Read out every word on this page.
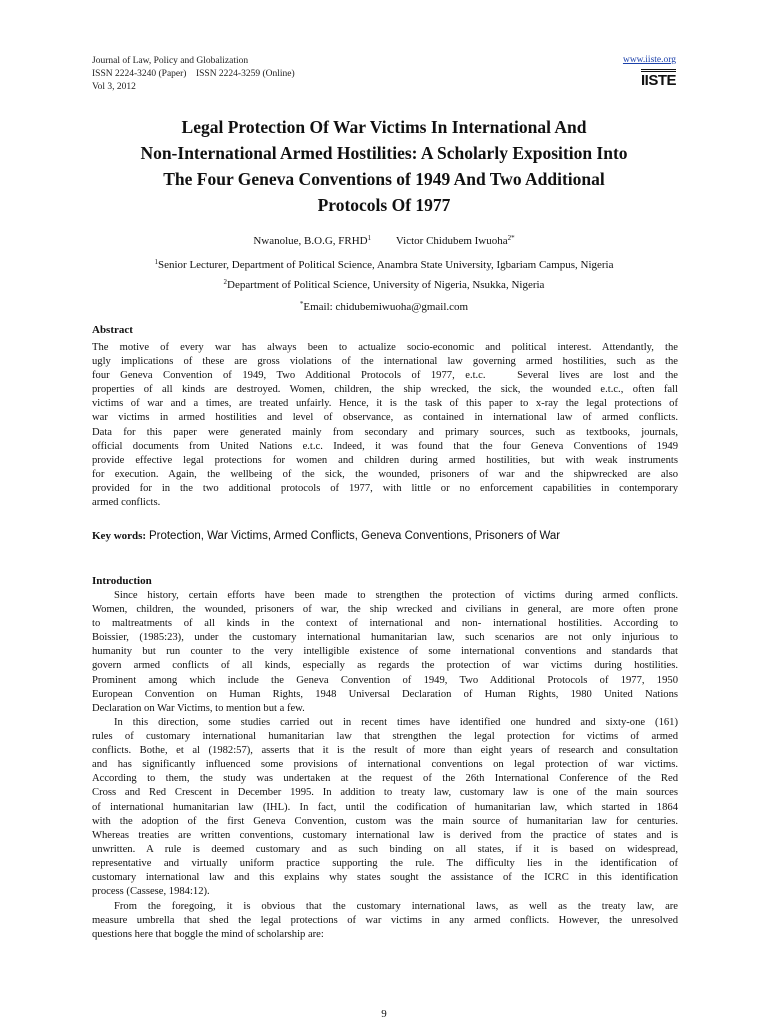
Journal of Law, Policy and Globalization
ISSN 2224-3240 (Paper)    ISSN 2224-3259 (Online)
Vol 3, 2012
www.iiste.org
IISTE
Legal Protection Of War Victims In International And
Non-International Armed Hostilities: A Scholarly Exposition Into
The Four Geneva Conventions of 1949 And Two Additional
Protocols Of 1977
Nwanolue, B.O.G, FRHD$^1$ Victor Chidubem Iwuoha$^{2*}$
$^1$Senior Lecturer, Department of Political Science, Anambra State University, Igbariam Campus, Nigeria
$^2$Department of Political Science, University of Nigeria, Nsukka, Nigeria
*Email: chidubemiwuoha@gmail.com
Abstract
The motive of every war has always been to actualize socio-economic and political interest. Attendantly, the
ugly implications of these are gross violations of the international law governing armed hostilities, such as the
four Geneva Convention of 1949, Two Additional Protocols of 1977, e.t.c.   Several lives are lost and the
properties of all kinds are destroyed. Women, children, the ship wrecked, the sick, the wounded e.t.c., often fall
victims of war and a times, are treated unfairly. Hence, it is the task of this paper to x-ray the legal protections of
war victims in armed hostilities and level of observance, as contained in international law of armed conflicts.
Data for this paper were generated mainly from secondary and primary sources, such as textbooks, journals,
official documents from United Nations e.t.c. Indeed, it was found that the four Geneva Conventions of 1949
provide effective legal protections for women and children during armed hostilities, but with weak instruments
for execution. Again, the wellbeing of the sick, the wounded, prisoners of war and the shipwrecked are also
provided for in the two additional protocols of 1977, with little or no enforcement capabilities in contemporary
armed conflicts.
Key words: Protection, War Victims, Armed Conflicts, Geneva Conventions, Prisoners of War
Introduction
Since history, certain efforts have been made to strengthen the protection of victims during armed conflicts.
Women, children, the wounded, prisoners of war, the ship wrecked and civilians in general, are more often prone
to maltreatments of all kinds in the context of international and non- international hostilities. According to
Boissier, (1985:23), under the customary international humanitarian law, such scenarios are not only injurious to
humanity but run counter to the very intelligible existence of some international conventions and standards that
govern armed conflicts of all kinds, especially as regards the protection of war victims during hostilities.
Prominent among which include the Geneva Convention of 1949, Two Additional Protocols of 1977, 1950
European Convention on Human Rights, 1948 Universal Declaration of Human Rights, 1980 United Nations
Declaration on War Victims, to mention but a few.
In this direction, some studies carried out in recent times have identified one hundred and sixty-one (161)
rules of customary international humanitarian law that strengthen the legal protection for victims of armed
conflicts. Bothe, et al (1982:57), asserts that it is the result of more than eight years of research and consultation
and has significantly influenced some provisions of international conventions on legal protection of war victims.
According to them, the study was undertaken at the request of the 26th International Conference of the Red
Cross and Red Crescent in December 1995. In addition to treaty law, customary law is one of the main sources
of international humanitarian law (IHL). In fact, until the codification of humanitarian law, which started in 1864
with the adoption of the first Geneva Convention, custom was the main source of humanitarian law for centuries.
Whereas treaties are written conventions, customary international law is derived from the practice of states and is
unwritten. A rule is deemed customary and as such binding on all states, if it is based on widespread,
representative and virtually uniform practice supporting the rule. The difficulty lies in the identification of
customary international law and this explains why states sought the assistance of the ICRC in this identification
process (Cassese, 1984:12).
From the foregoing, it is obvious that the customary international laws, as well as the treaty law, are
measure umbrella that shed the legal protections of war victims in any armed conflicts. However, the unresolved
questions here that boggle the mind of scholarship are:
9
